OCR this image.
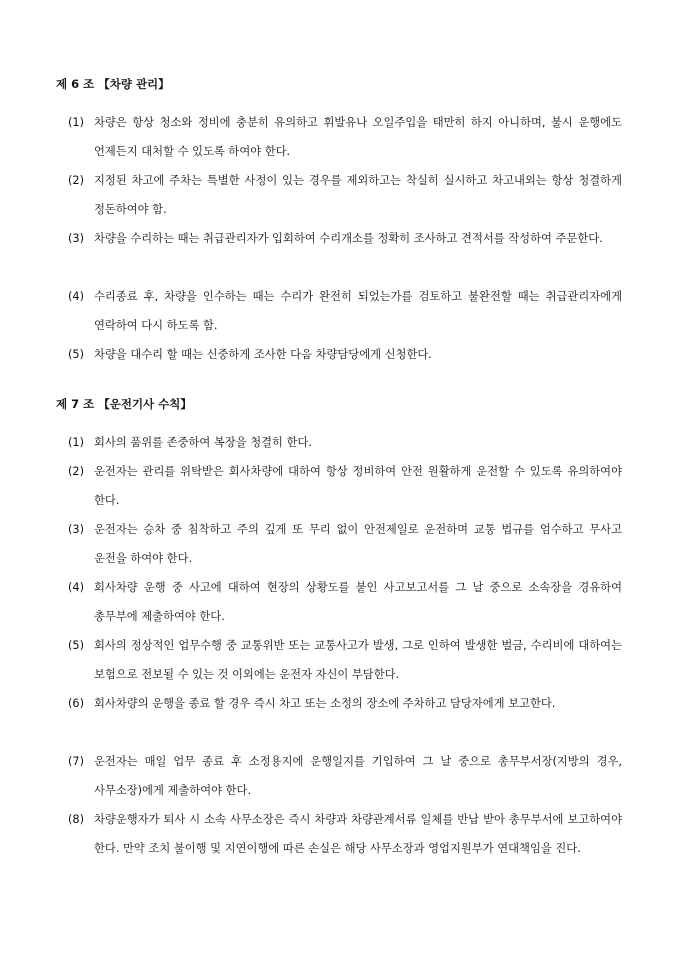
제 6 조 【차량 관리】
(1) 차량은 항상 청소와 정비에 충분히 유의하고 휘발유나 오일주입을 태만히 하지 아니하며, 불시 운행에도 언제든지 대처할 수 있도록 하여야 한다.
(2) 지정된 차고에 주차는 특별한 사정이 있는 경우를 제외하고는 착실히 실시하고 차고내외는 항상 청결하게 정돈하여야 함.
(3) 차량을 수리하는 때는 취급관리자가 입회하여 수리개소를 정확히 조사하고 견적서를 작성하여 주문한다.
(4) 수리종료 후, 차량을 인수하는 때는 수리가 완전히 되었는가를 검토하고 불완전할 때는 취급관리자에게 연락하여 다시 하도록 함.
(5) 차량을 대수리 할 때는 신중하게 조사한 다음 차량담당에게 신청한다.
제 7 조 【운전기사 수칙】
(1) 회사의 품위를 존중하여 복장을 청결히 한다.
(2) 운전자는 관리를 위탁받은 회사차량에 대하여 항상 정비하여 안전 원활하게 운전할 수 있도록 유의하여야 한다.
(3) 운전자는 승차 중 침착하고 주의 깊게 또 무리 없이 안전제일로 운전하며 교통 법규를 엄수하고 무사고 운전을 하여야 한다.
(4) 회사차량 운행 중 사고에 대하여 현장의 상황도를 붙인 사고보고서를 그 날 중으로 소속장을 경유하여 총무부에 제출하여야 한다.
(5) 회사의 정상적인 업무수행 중 교통위반 또는 교통사고가 발생, 그로 인하여 발생한 벌금, 수리비에 대하여는 보험으로 전보될 수 있는 것 이외에는 운전자 자신이 부담한다.
(6) 회사차량의 운행을 종료 할 경우 즉시 차고 또는 소정의 장소에 주차하고 담당자에게 보고한다.
(7) 운전자는 매일 업무 종료 후 소정용지에 운행일지를 기입하여 그 날 중으로 총무부서장(지방의 경우, 사무소장)에게 제출하여야 한다.
(8) 차량운행자가 퇴사 시 소속 사무소장은 즉시 차량과 차량관계서류 일체를 반납 받아 총무부서에 보고하여야 한다. 만약 조치 불이행 및 지연이행에 따른 손실은 해당 사무소장과 영업지원부가 연대책임을 진다.
